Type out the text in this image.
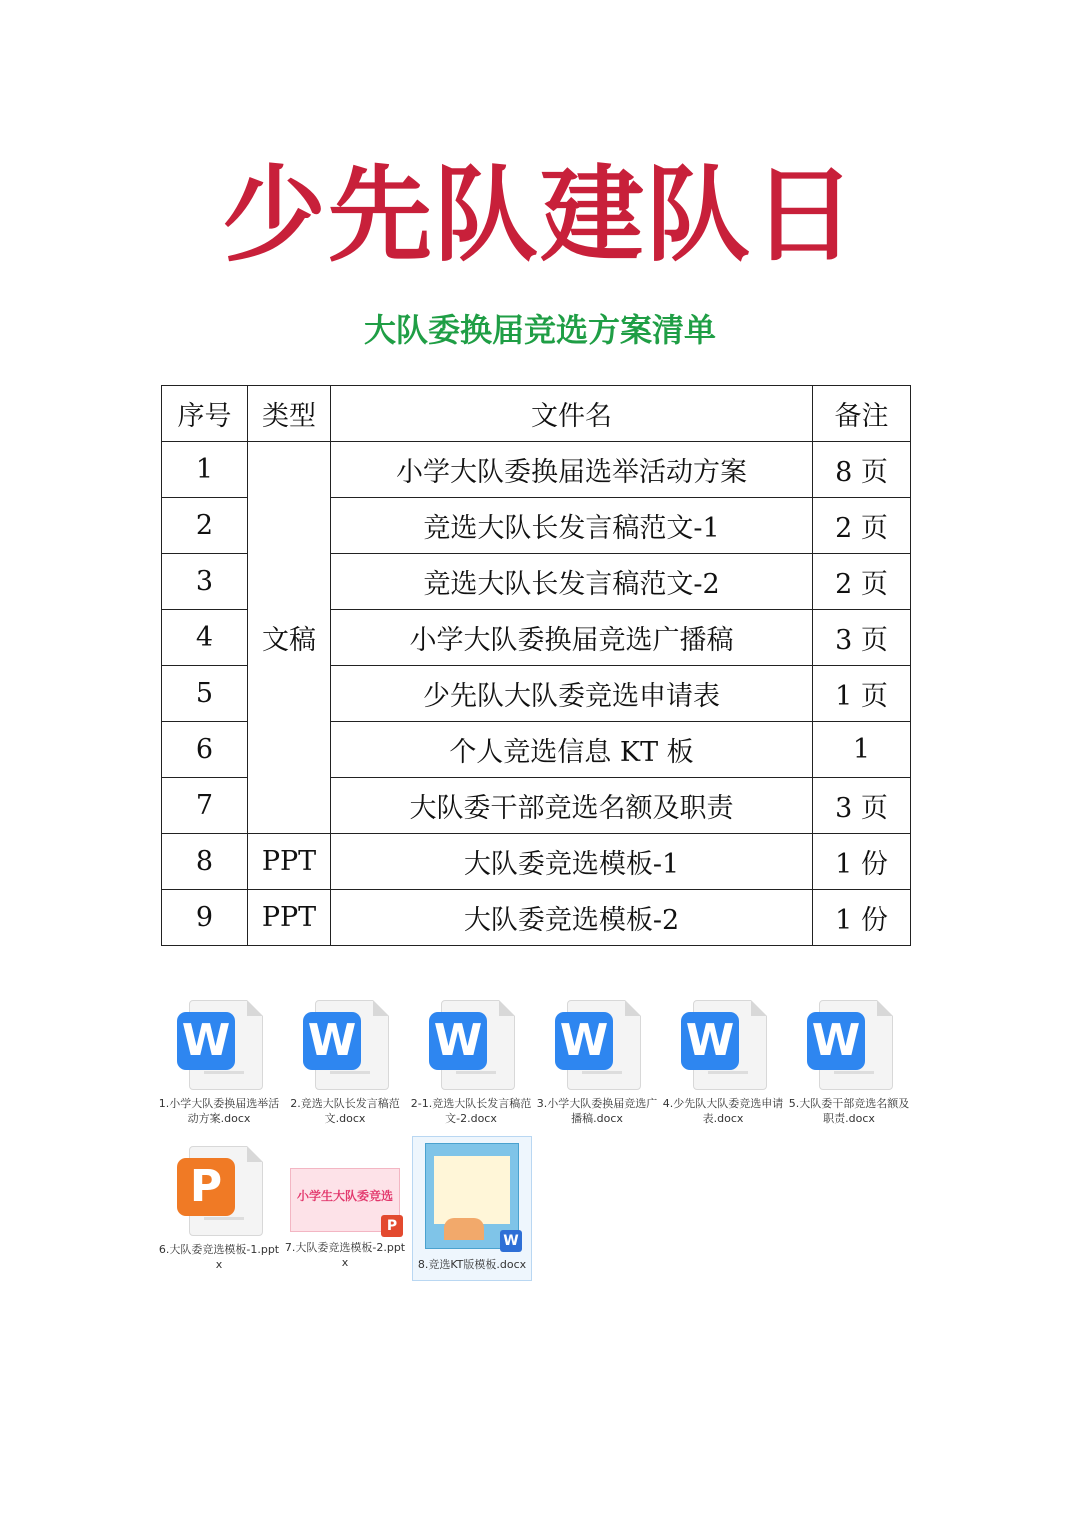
少先队建队日
大队委换届竞选方案清单
序号	类型	文件名	备注
1	文稿	小学大队委换届选举活动方案	8 页
2		竞选大队长发言稿范文-1	2 页
3		竞选大队长发言稿范文-2	2 页
4		小学大队委换届竞选广播稿	3 页
5		少先队大队委竞选申请表	1 页
6		个人竞选信息 KT 板	1
7		大队委干部竞选名额及职责	3 页
8	PPT	大队委竞选模板-1	1 份
9	PPT	大队委竞选模板-2	1 份
W
1.小学大队委换届选举活动方案.docx
W
2.竞选大队长发言稿范文.docx
W
2-1.竞选大队长发言稿范文-2.docx
W
3.小学大队委换届竞选广播稿.docx
W
4.少先队大队委竞选申请表.docx
W
5.大队委干部竞选名额及职责.docx
P
6.大队委竞选模板-1.pptx
小学生大队委竞选
P
7.大队委竞选模板-2.pptx
W
8.竞选KT版模板.docx
